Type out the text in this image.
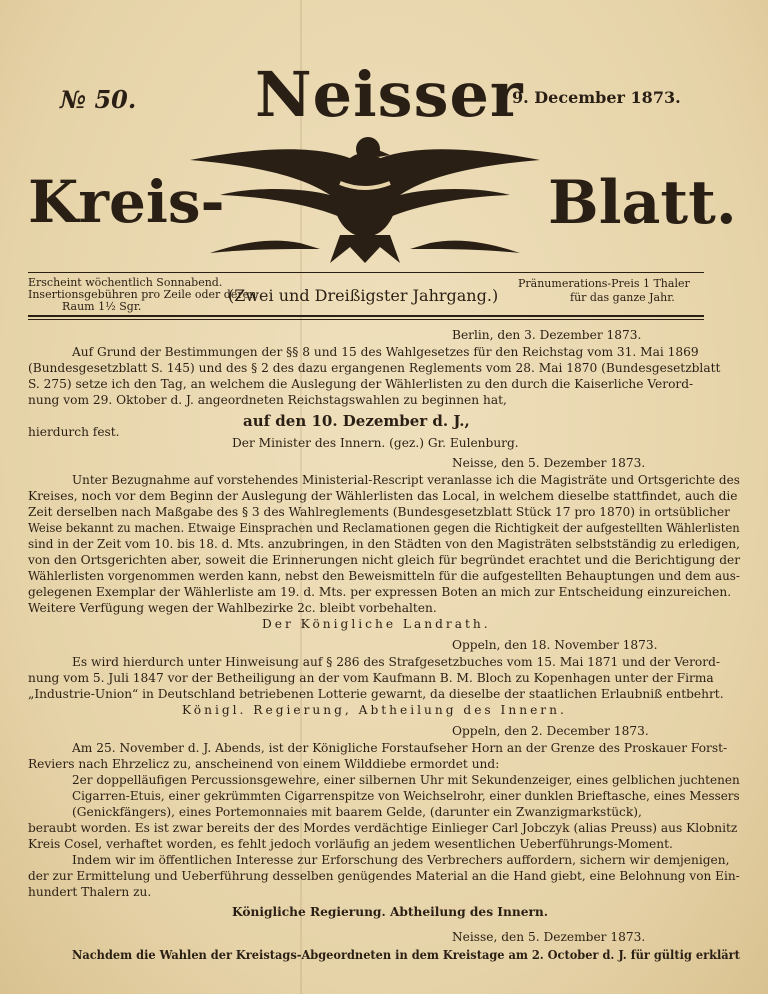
№ 50. Neisser
9. December 1873.
Kreis-	Blatt.
Erscheint wöchentlich Sonnabend.
Insertionsgebühren pro Zeile oder deren
Raum 1½ Sgr.
(Zwei und Dreißigster Jahrgang.)
Pränumerations-Preis 1 Thaler
für das ganze Jahr.
Berlin, den 3. Dezember 1873.
Auf Grund der Bestimmungen der §§ 8 und 15 des Wahlgesetzes für den Reichstag vom 31. Mai 1869
(Bundesgesetzblatt S. 145) und des § 2 des dazu ergangenen Reglements vom 28. Mai 1870 (Bundesgesetzblatt
S. 275) setze ich den Tag, an welchem die Auslegung der Wählerlisten zu den durch die Kaiserliche Verord-
nung vom 29. Oktober d. J. angeordneten Reichstagswahlen zu beginnen hat,
auf den 10. Dezember d. J.,
hierdurch fest.
Der Minister des Innern. (gez.) Gr. Eulenburg.
Neisse, den 5. Dezember 1873.
Unter Bezugnahme auf vorstehendes Ministerial-Rescript veranlasse ich die Magisträte und Ortsgerichte des
Kreises, noch vor dem Beginn der Auslegung der Wählerlisten das Local, in welchem dieselbe stattfindet, auch die
Zeit derselben nach Maßgabe des § 3 des Wahlreglements (Bundesgesetzblatt Stück 17 pro 1870) in ortsüblicher
Weise bekannt zu machen. Etwaige Einsprachen und Reclamationen gegen die Richtigkeit der aufgestellten Wählerlisten
sind in der Zeit vom 10. bis 18. d. Mts. anzubringen, in den Städten von den Magisträten selbstständig zu erledigen,
von den Ortsgerichten aber, soweit die Erinnerungen nicht gleich für begründet erachtet und die Berichtigung der
Wählerlisten vorgenommen werden kann, nebst den Beweismitteln für die aufgestellten Behauptungen und dem aus-
gelegenen Exemplar der Wählerliste am 19. d. Mts. per expressen Boten an mich zur Entscheidung einzureichen.
Weitere Verfügung wegen der Wahlbezirke 2c. bleibt vorbehalten.
Der Königliche Landrath.
Oppeln, den 18. November 1873.
Es wird hierdurch unter Hinweisung auf § 286 des Strafgesetzbuches vom 15. Mai 1871 und der Verord-
nung vom 5. Juli 1847 vor der Betheiligung an der vom Kaufmann B. M. Bloch zu Kopenhagen unter der Firma
„Industrie-Union“ in Deutschland betriebenen Lotterie gewarnt, da dieselbe der staatlichen Erlaubniß entbehrt.
Königl. Regierung, Abtheilung des Innern.
Oppeln, den 2. December 1873.
Am 25. November d. J. Abends, ist der Königliche Forstaufseher Horn an der Grenze des Proskauer Forst-
Reviers nach Ehrzelicz zu, anscheinend von einem Wilddiebe ermordet und:
2er doppelläufigen Percussionsgewehre, einer silbernen Uhr mit Sekundenzeiger, eines gelblichen juchtenen
Cigarren-Etuis, einer gekrümmten Cigarrenspitze von Weichselrohr, einer dunklen Brieftasche, eines Messers
(Genickfängers), eines Portemonnaies mit baarem Gelde, (darunter ein Zwanzigmarkstück),
beraubt worden. Es ist zwar bereits der des Mordes verdächtige Einlieger Carl Jobczyk (alias Preuss) aus Klobnitz
Kreis Cosel, verhaftet worden, es fehlt jedoch vorläufig an jedem wesentlichen Ueberführungs-Moment.
Indem wir im öffentlichen Interesse zur Erforschung des Verbrechers auffordern, sichern wir demjenigen,
der zur Ermittelung und Ueberführung desselben genügendes Material an die Hand giebt, eine Belohnung von Ein-
hundert Thalern zu.
Königliche Regierung. Abtheilung des Innern.
Neisse, den 5. Dezember 1873.
Nachdem die Wahlen der Kreistags-Abgeordneten in dem Kreistage am 2. October d. J. für gültig erklärt
